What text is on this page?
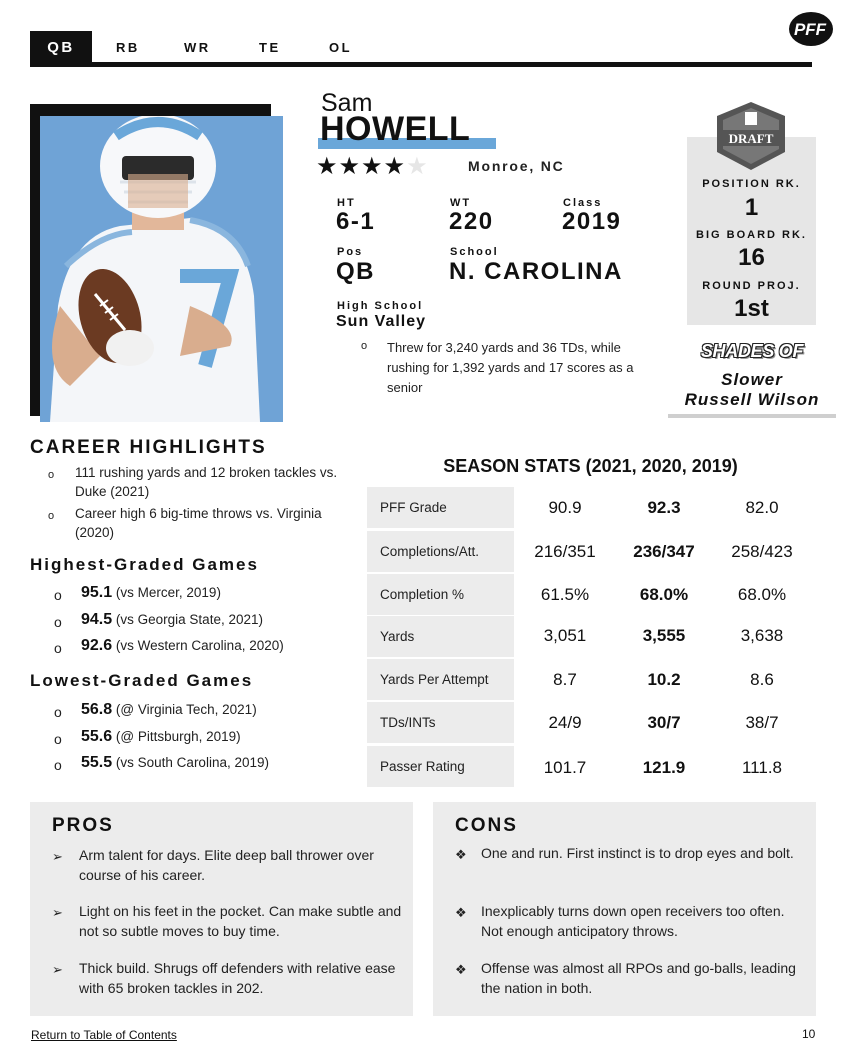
QB	RB	WR	TE	OL
PFF
Sam
HOWELL
★★★★★	Monroe, NC
HT
6-1
WT
220
Class
2019
Pos
QB
School
N. CAROLINA
High School
Sun Valley
o Threw for 3,240 yards and 36 TDs, while rushing for 1,392 yards and 17 scores as a senior
DRAFT
POSITION RK.
1
BIG BOARD RK.
16
ROUND PROJ.
1st
SHADES OF
Slower
Russell Wilson
CAREER HIGHLIGHTS
o 111 rushing yards and 12 broken tackles vs. Duke (2021)
o Career high 6 big-time throws vs. Virginia (2020)
Highest-Graded Games
o 95.1 (vs Mercer, 2019)
o 94.5 (vs Georgia State, 2021)
o 92.6 (vs Western Carolina, 2020)
Lowest-Graded Games
o 56.8 (@ Virginia Tech, 2021)
o 55.6 (@ Pittsburgh, 2019)
o 55.5 (vs South Carolina, 2019)
SEASON STATS (2021, 2020, 2019)
PFF Grade	90.9	92.3	82.0
Completions/Att.	216/351	236/347	258/423
Completion %	61.5%	68.0%	68.0%
Yards	3,051	3,555	3,638
Yards Per Attempt	8.7	10.2	8.6
TDs/INTs	24/9	30/7	38/7
Passer Rating	101.7	121.9	111.8
PROS
➢ Arm talent for days. Elite deep ball thrower over course of his career.
➢ Light on his feet in the pocket. Can make subtle and not so subtle moves to buy time.
➢ Thick build. Shrugs off defenders with relative ease with 65 broken tackles in 202.
CONS
❖ One and run. First instinct is to drop eyes and bolt.
❖ Inexplicably turns down open receivers too often. Not enough anticipatory throws.
❖ Offense was almost all RPOs and go-balls, leading the nation in both.
Return to Table of Contents	10
